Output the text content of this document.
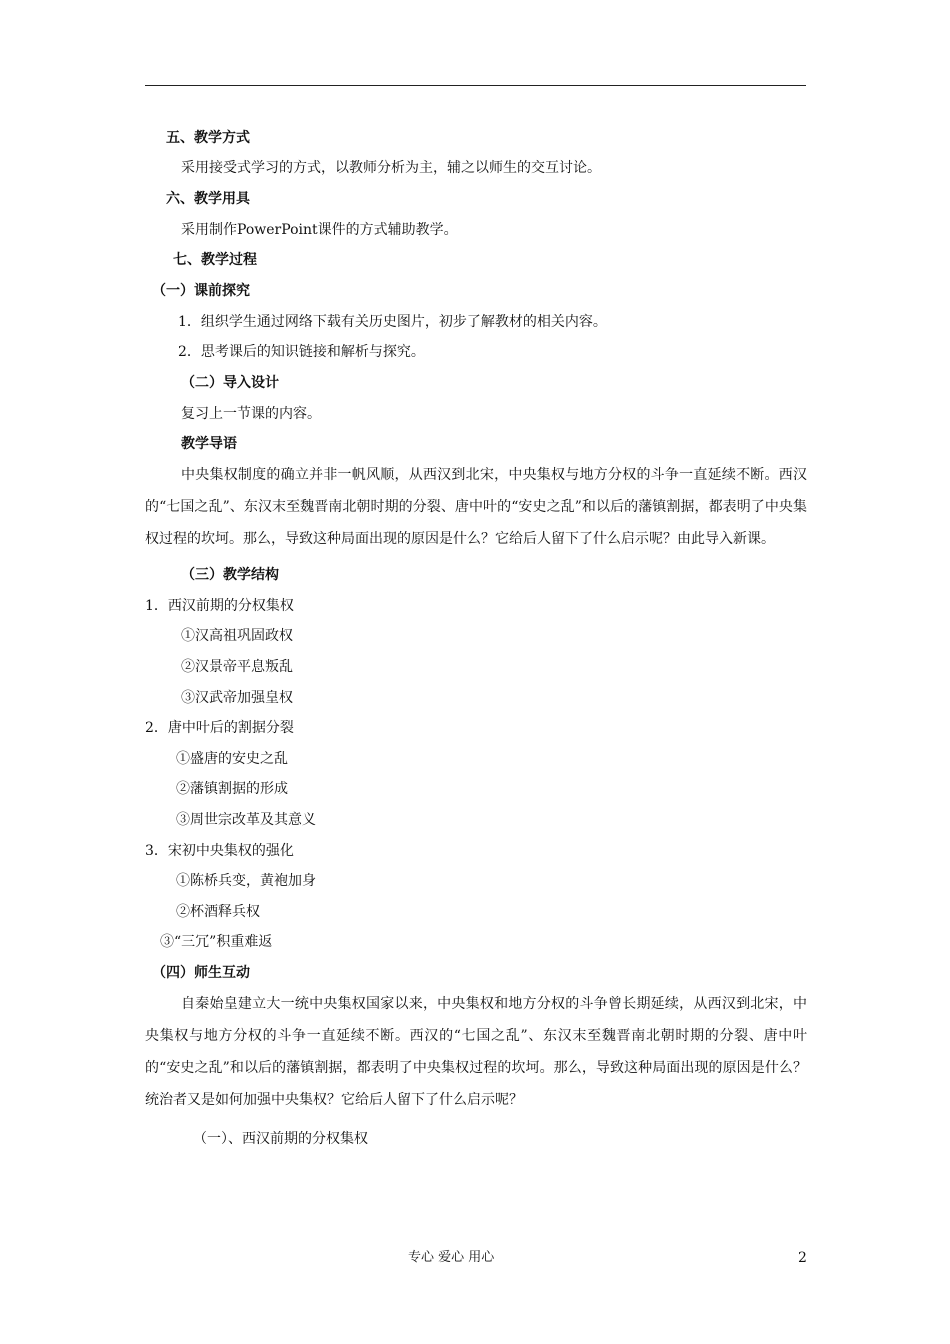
五、教学方式
采用接受式学习的方式，以教师分析为主，辅之以师生的交互讨论。
六、教学用具
采用制作PowerPoint课件的方式辅助教学。
七、教学过程
（一）课前探究
1．组织学生通过网络下载有关历史图片，初步了解教材的相关内容。
2．思考课后的知识链接和解析与探究。
（二）导入设计
复习上一节课的内容。
教学导语
中央集权制度的确立并非一帆风顺，从西汉到北宋，中央集权与地方分权的斗争一直延续不断。西汉的“七国之乱”、东汉末至魏晋南北朝时期的分裂、唐中叶的“安史之乱”和以后的藩镇割据，都表明了中央集权过程的坎坷。那么，导致这种局面出现的原因是什么？它给后人留下了什么启示呢？由此导入新课。
（三）教学结构
1．西汉前期的分权集权
①汉高祖巩固政权
②汉景帝平息叛乱
③汉武帝加强皇权
2．唐中叶后的割据分裂
①盛唐的安史之乱
②藩镇割据的形成
③周世宗改革及其意义
3．宋初中央集权的强化
①陈桥兵变，黄袍加身
②杯酒释兵权
③“三冗”积重难返
（四）师生互动
自秦始皇建立大一统中央集权国家以来，中央集权和地方分权的斗争曾长期延续，从西汉到北宋，中央集权与地方分权的斗争一直延续不断。西汉的“七国之乱”、东汉末至魏晋南北朝时期的分裂、唐中叶的“安史之乱”和以后的藩镇割据，都表明了中央集权过程的坎坷。那么，导致这种局面出现的原因是什么？统治者又是如何加强中央集权？它给后人留下了什么启示呢？
（一）、西汉前期的分权集权
专心 爱心 用心	2
